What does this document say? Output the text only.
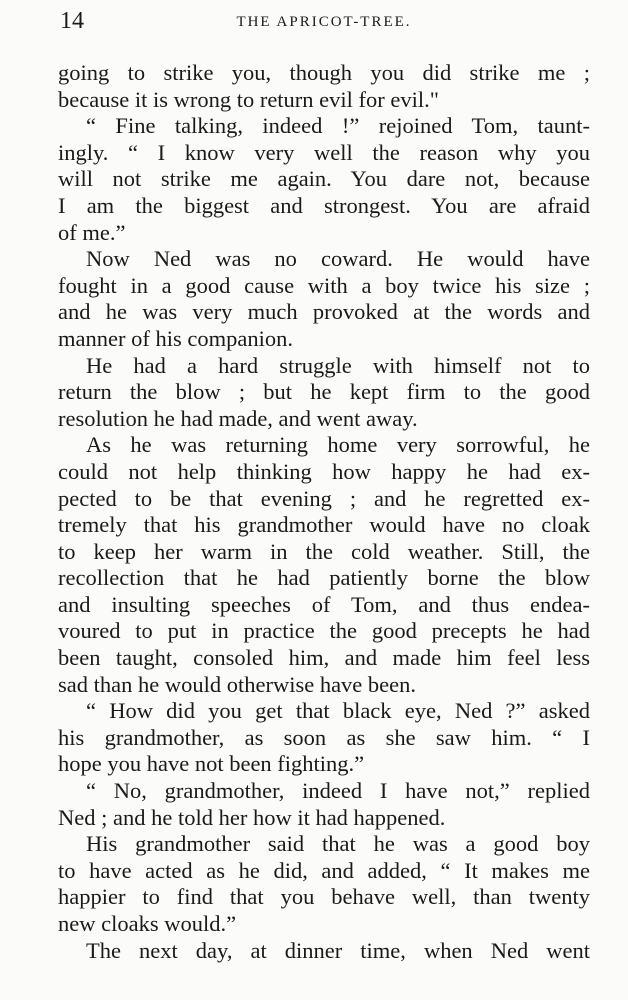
14	THE APRICOT-TREE.
going to strike you, though you did strike me ;
because it is wrong to return evil for evil."
“ Fine talking, indeed !” rejoined Tom, taunt-
ingly. “ I know very well the reason why you
will not strike me again. You dare not, because
I am the biggest and strongest. You are afraid
of me.”
Now Ned was no coward. He would have
fought in a good cause with a boy twice his size ;
and he was very much provoked at the words and
manner of his companion.
He had a hard struggle with himself not to
return the blow ; but he kept firm to the good
resolution he had made, and went away.
As he was returning home very sorrowful, he
could not help thinking how happy he had ex-
pected to be that evening ; and he regretted ex-
tremely that his grandmother would have no cloak
to keep her warm in the cold weather. Still, the
recollection that he had patiently borne the blow
and insulting speeches of Tom, and thus endea-
voured to put in practice the good precepts he had
been taught, consoled him, and made him feel less
sad than he would otherwise have been.
“ How did you get that black eye, Ned ?” asked
his grandmother, as soon as she saw him. “ I
hope you have not been fighting.”
“ No, grandmother, indeed I have not,” replied
Ned ; and he told her how it had happened.
His grandmother said that he was a good boy
to have acted as he did, and added, “ It makes me
happier to find that you behave well, than twenty
new cloaks would.”
The next day, at dinner time, when Ned went
